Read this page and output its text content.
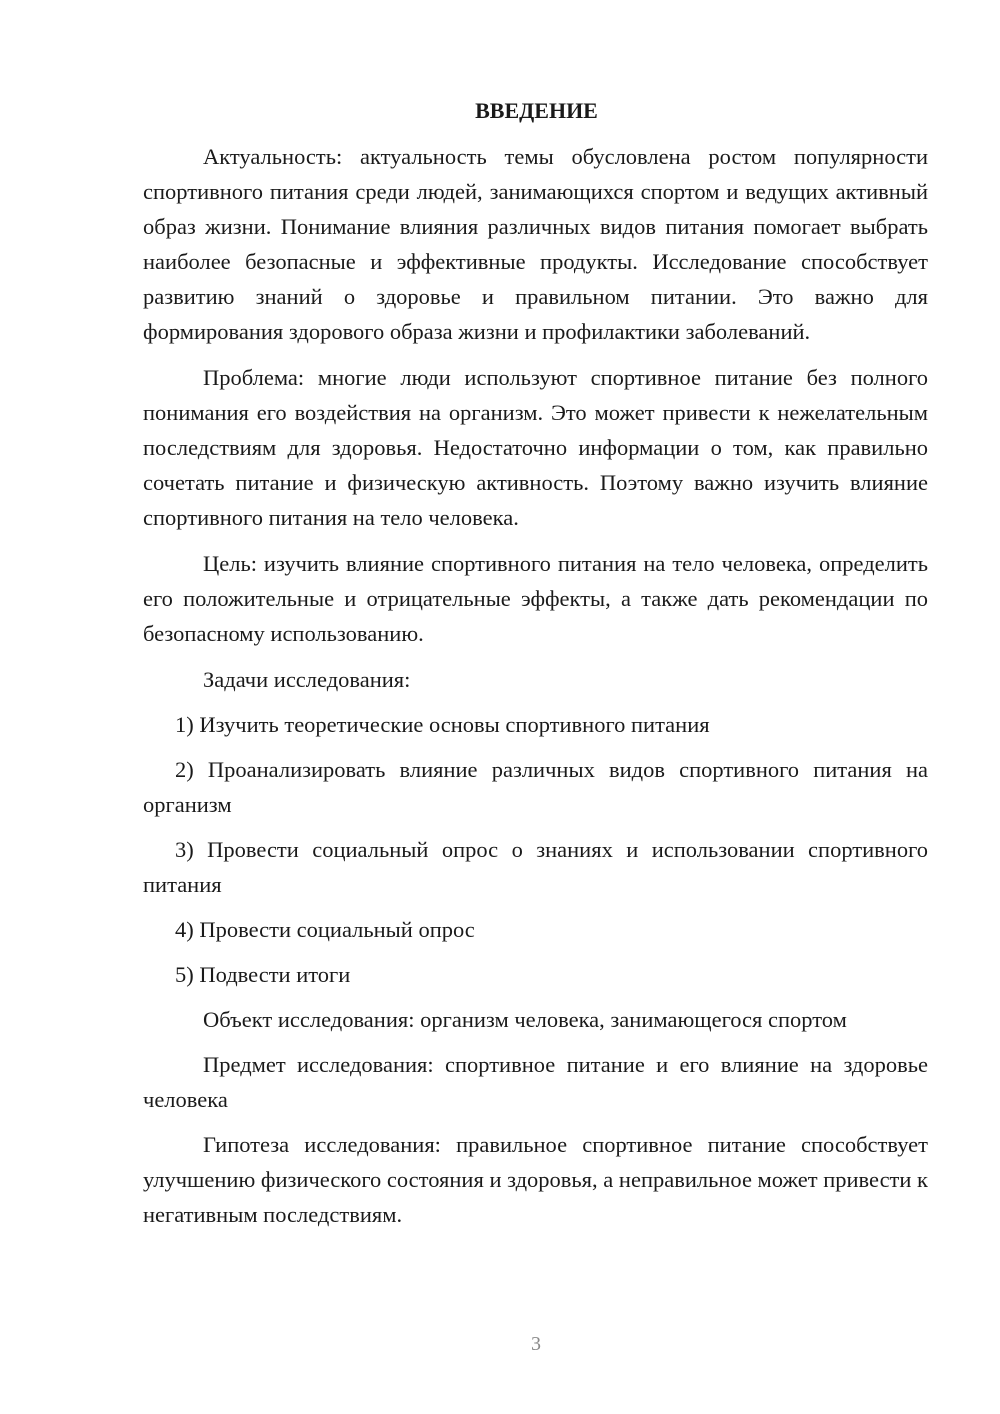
ВВЕДЕНИЕ

Актуальность: актуальность темы обусловлена ростом популярности спортивного питания среди людей, занимающихся спортом и ведущих активный образ жизни. Понимание влияния различных видов питания помогает выбрать наиболее безопасные и эффективные продукты. Исследование способствует развитию знаний о здоровье и правильном питании. Это важно для формирования здорового образа жизни и профилактики заболеваний.

Проблема: многие люди используют спортивное питание без полного понимания его воздействия на организм. Это может привести к нежелательным последствиям для здоровья. Недостаточно информации о том, как правильно сочетать питание и физическую активность. Поэтому важно изучить влияние спортивного питания на тело человека.

Цель: изучить влияние спортивного питания на тело человека, определить его положительные и отрицательные эффекты, а также дать рекомендации по безопасному использованию.

Задачи исследования:

1) Изучить теоретические основы спортивного питания

2) Проанализировать влияние различных видов спортивного питания на организм

3) Провести социальный опрос о знаниях и использовании спортивного питания

4) Провести социальный опрос

5) Подвести итоги

Объект исследования: организм человека, занимающегося спортом

Предмет исследования: спортивное питание и его влияние на здоровье человека

Гипотеза исследования: правильное спортивное питание способствует улучшению физического состояния и здоровья, а неправильное может привести к негативным последствиям.

3
